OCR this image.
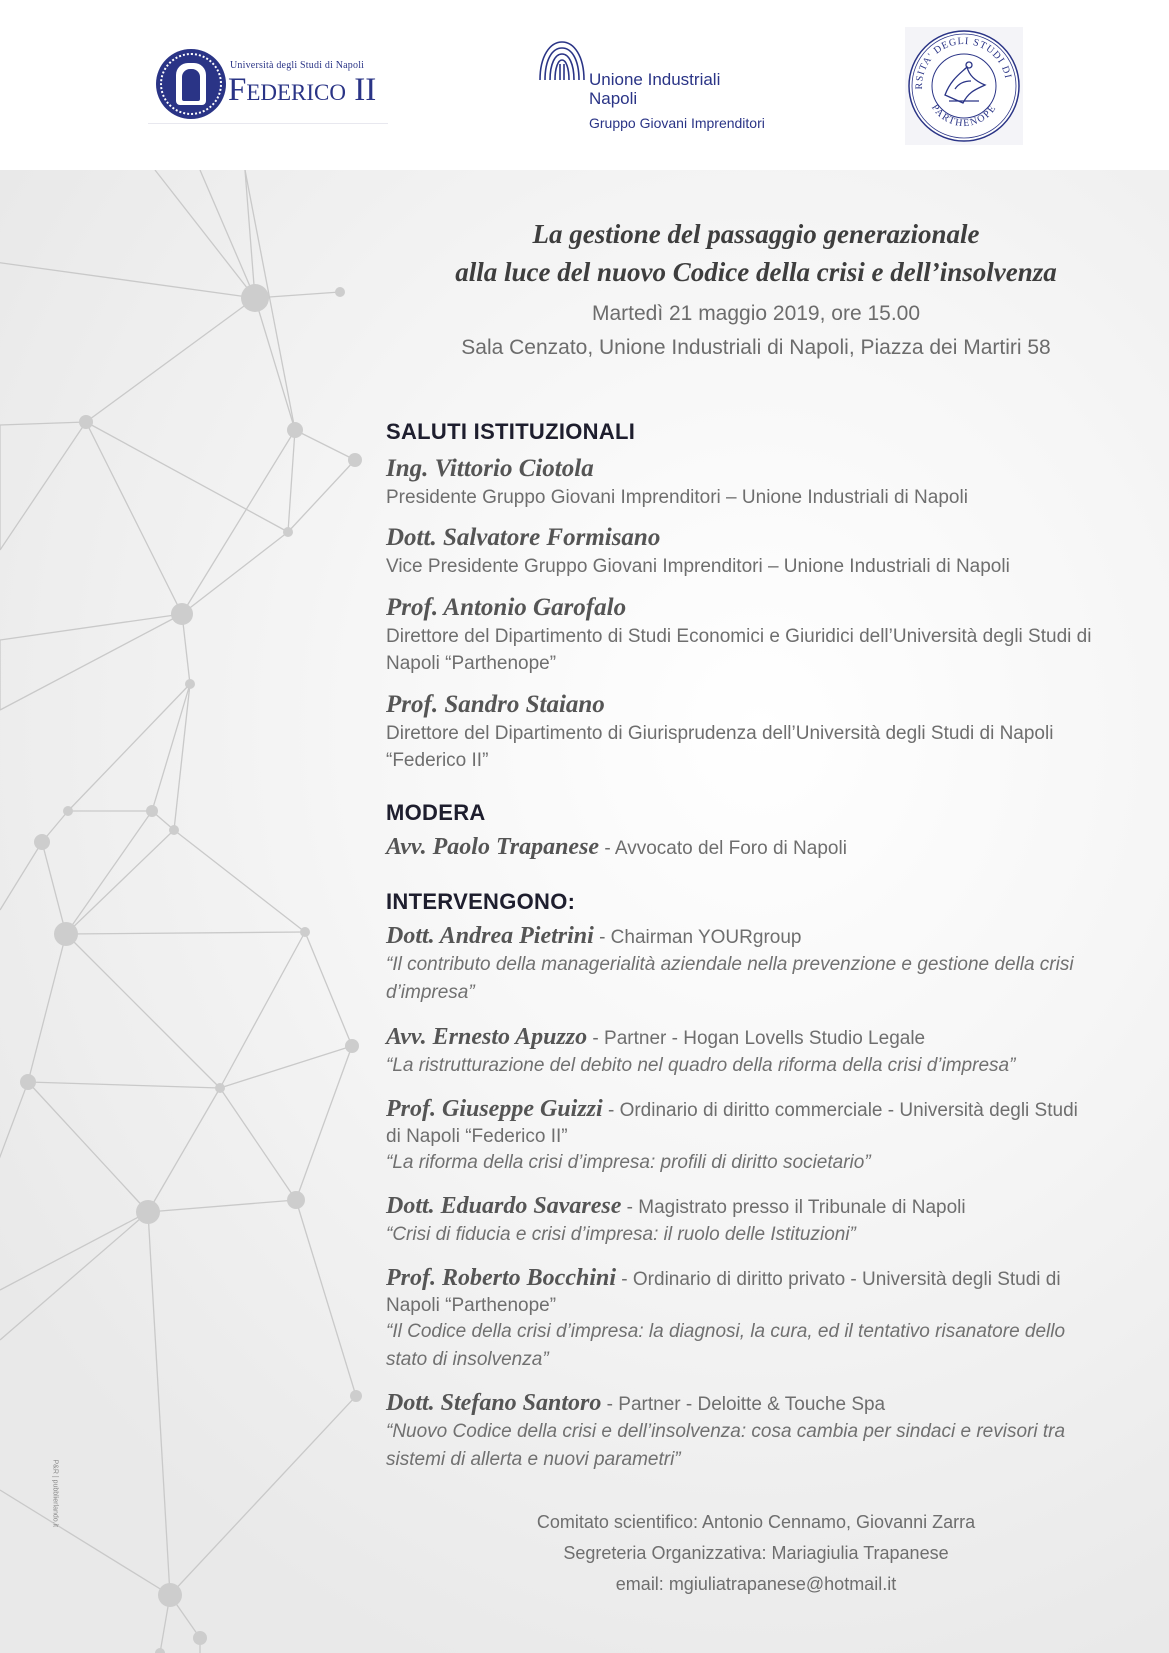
Università degli Studi di Napoli
Federico II	Unione Industriali
Napoli
Gruppo Giovani Imprenditori
RSITA' DEGLI STUDI DI
PARTHENOPE
La gestione del passaggio generazionale
alla luce del nuovo Codice della crisi e dell’insolvenza
Martedì 21 maggio 2019, ore 15.00
Sala Cenzato, Unione Industriali di Napoli, Piazza dei Martiri 58
SALUTI ISTITUZIONALI
Ing. Vittorio Ciotola
Presidente Gruppo Giovani Imprenditori – Unione Industriali di Napoli
Dott. Salvatore Formisano
Vice Presidente Gruppo Giovani Imprenditori – Unione Industriali di Napoli
Prof. Antonio Garofalo
Direttore del Dipartimento di Studi Economici e Giuridici dell’Università degli Studi di
Napoli “Parthenope”
Prof. Sandro Staiano
Direttore del Dipartimento di Giurisprudenza dell’Università degli Studi di Napoli
“Federico II”
MODERA
Avv. Paolo Trapanese - Avvocato del Foro di Napoli
INTERVENGONO:
Dott. Andrea Pietrini - Chairman YOURgroup
“Il contributo della managerialità aziendale nella prevenzione e gestione della crisi
d’impresa”
Avv. Ernesto Apuzzo - Partner - Hogan Lovells Studio Legale
“La ristrutturazione del debito nel quadro della riforma della crisi d’impresa”
Prof. Giuseppe Guizzi - Ordinario di diritto commerciale - Università degli Studi
di Napoli “Federico II”
“La riforma della crisi d’impresa: profili di diritto societario”
Dott. Eduardo Savarese - Magistrato presso il Tribunale di Napoli
“Crisi di fiducia e crisi d’impresa: il ruolo delle Istituzioni”
Prof. Roberto Bocchini - Ordinario di diritto privato - Università degli Studi di
Napoli “Parthenope”
“Il Codice della crisi d’impresa: la diagnosi, la cura, ed il tentativo risanatore dello
stato di insolvenza”
Dott. Stefano Santoro - Partner - Deloitte & Touche Spa
“Nuovo Codice della crisi e dell’insolvenza: cosa cambia per sindaci e revisori tra
sistemi di allerta e nuovi parametri”
Comitato scientifico: Antonio Cennamo, Giovanni Zarra
Segreteria Organizzativa: Mariagiulia Trapanese
email: mgiuliatrapanese@hotmail.it
P&R | pubblierlando.it
